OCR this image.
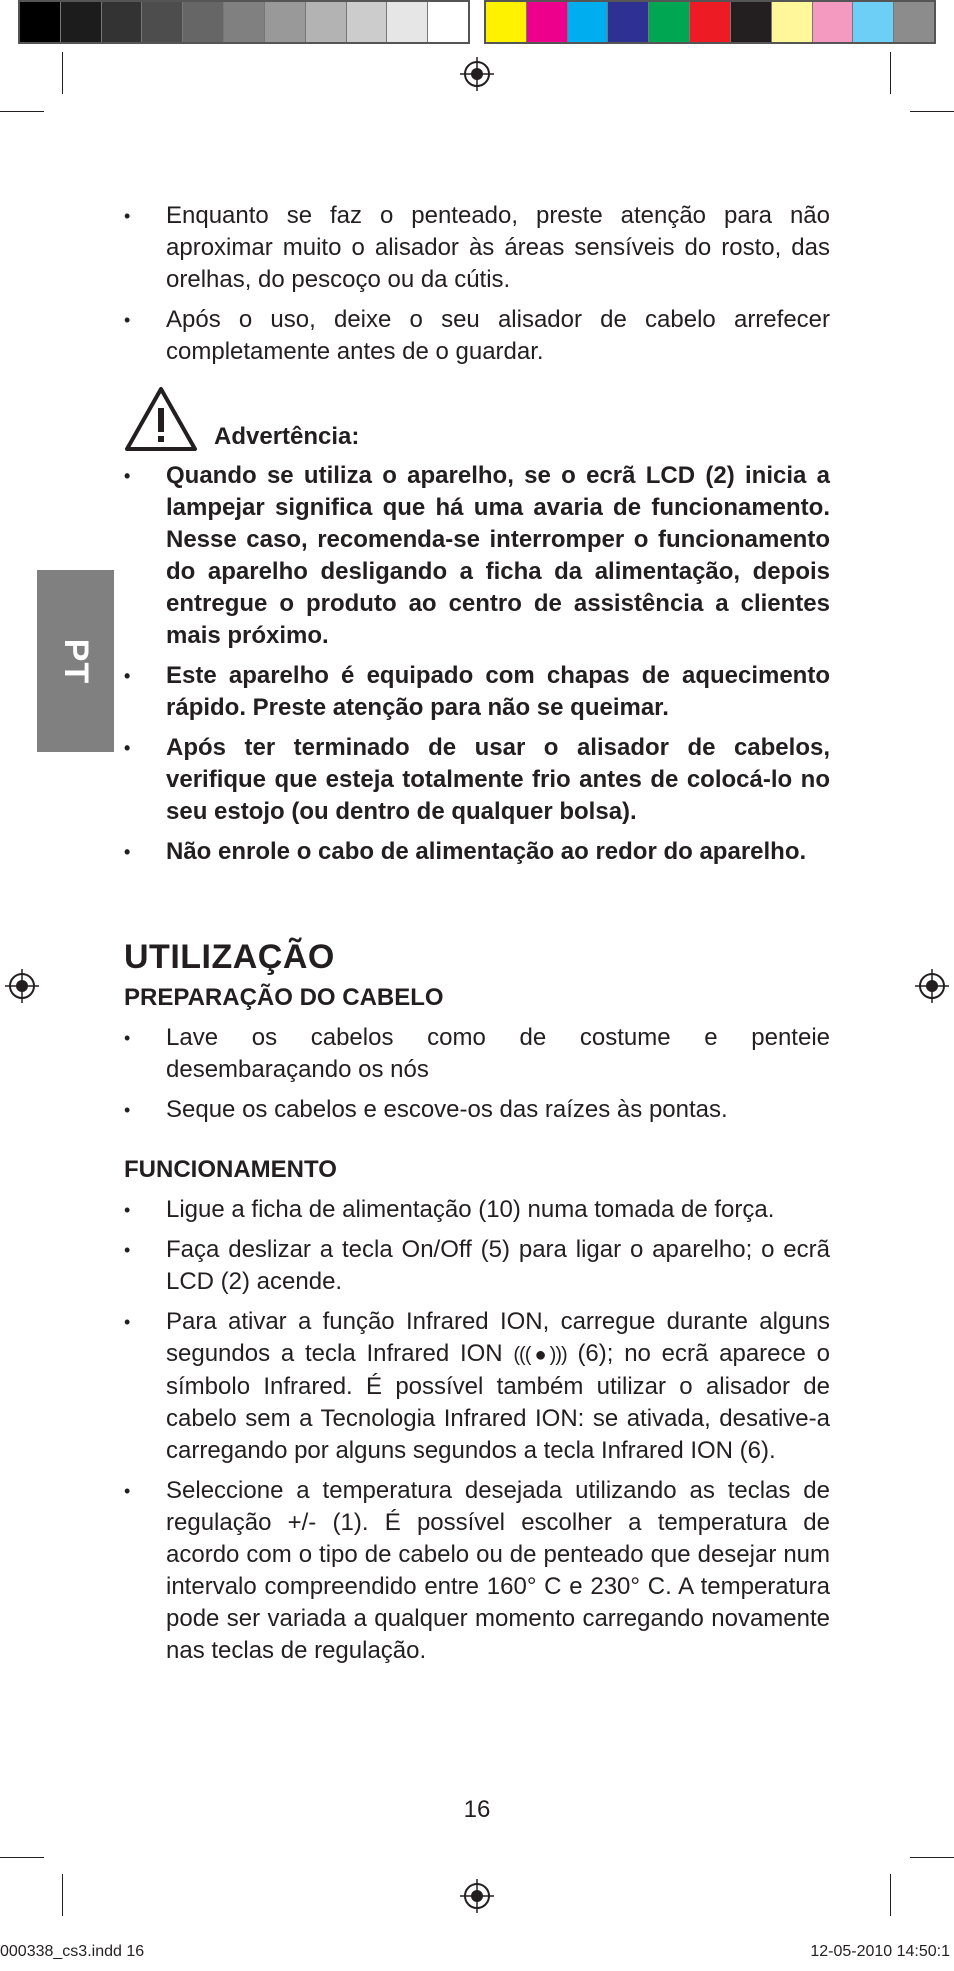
PT
• Enquanto se faz o penteado, preste atenção para não aproximar muito o alisador às áreas sensíveis do rosto, das orelhas, do pescoço ou da cútis.
• Após o uso, deixe o seu alisador de cabelo arrefecer completamente antes de o guardar.
Advertência:
• Quando se utiliza o aparelho, se o ecrã LCD (2) inicia a lampejar significa que há uma avaria de funcionamento. Nesse caso, recomenda-se interromper o funcionamento do aparelho desligando a ficha da alimentação, depois entregue o produto ao centro de assistência a clientes mais próximo.
• Este aparelho é equipado com chapas de aquecimento rápido. Preste atenção para não se queimar.
• Após ter terminado de usar o alisador de cabelos, verifique que esteja totalmente frio antes de colocá-lo no seu estojo (ou dentro de qualquer bolsa).
• Não enrole o cabo de alimentação ao redor do aparelho.
UTILIZAÇÃO
PREPARAÇÃO DO CABELO
• Lave os cabelos como de costume e penteie desembaraçando os nós
• Seque os cabelos e escove-os das raízes às pontas.
FUNCIONAMENTO
• Ligue a ficha de alimentação (10) numa tomada de força.
• Faça deslizar a tecla On/Off (5) para ligar o aparelho; o ecrã LCD (2) acende.
• Para ativar a função Infrared ION, carregue durante alguns segundos a tecla Infrared ION (((●))) (6); no ecrã aparece o símbolo Infrared. É possível também utilizar o alisador de cabelo sem a Tecnologia Infrared ION: se ativada, desative-a carregando por alguns segundos a tecla Infrared ION (6).
• Seleccione a temperatura desejada utilizando as teclas de regulação +/- (1). É possível escolher a temperatura de acordo com o tipo de cabelo ou de penteado que desejar num intervalo compreendido entre 160° C e 230° C. A temperatura pode ser variada a qualquer momento carregando novamente nas teclas de regulação.
16
000338_cs3.indd 16	12-05-2010 14:50:1
